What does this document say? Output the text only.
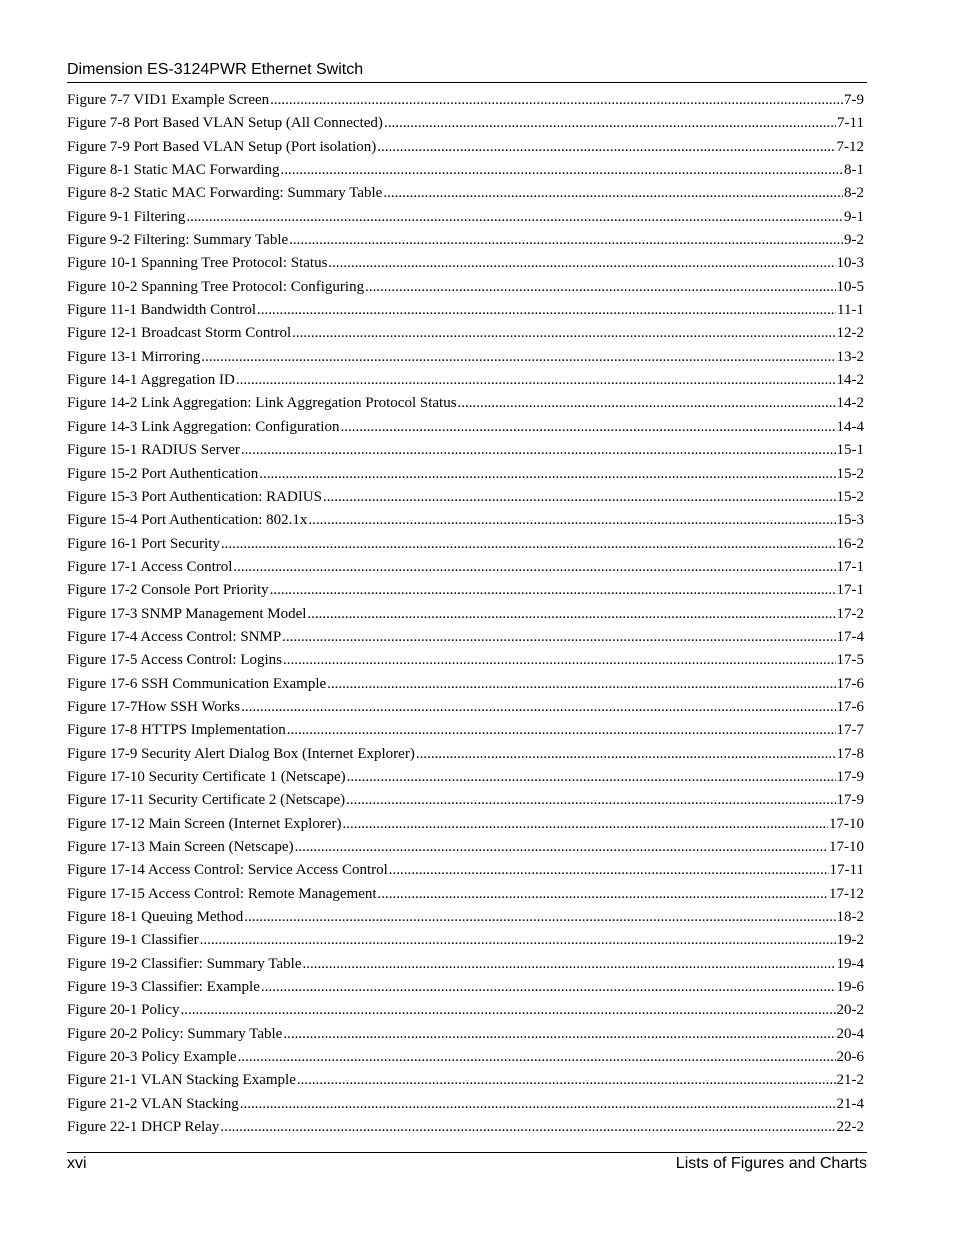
Dimension ES-3124PWR Ethernet Switch
Figure 7-7 VID1 Example Screen .....	7-9
Figure 7-8 Port Based VLAN Setup (All Connected) .....	7-11
Figure 7-9 Port Based VLAN Setup (Port isolation) .....	7-12
Figure 8-1 Static MAC Forwarding .....	8-1
Figure 8-2 Static MAC Forwarding: Summary Table .....	8-2
Figure 9-1 Filtering .....	9-1
Figure 9-2 Filtering: Summary Table .....	9-2
Figure 10-1 Spanning Tree Protocol: Status .....	10-3
Figure 10-2 Spanning Tree Protocol: Configuring .....	10-5
Figure 11-1 Bandwidth Control .....	11-1
Figure 12-1 Broadcast Storm Control .....	12-2
Figure 13-1 Mirroring .....	13-2
Figure 14-1 Aggregation ID .....	14-2
Figure 14-2 Link Aggregation: Link Aggregation Protocol Status .....	14-2
Figure 14-3 Link Aggregation: Configuration .....	14-4
Figure 15-1 RADIUS Server .....	15-1
Figure 15-2 Port Authentication .....	15-2
Figure 15-3 Port Authentication: RADIUS .....	15-2
Figure 15-4 Port Authentication: 802.1x .....	15-3
Figure 16-1 Port Security .....	16-2
Figure 17-1 Access Control .....	17-1
Figure 17-2 Console Port Priority .....	17-1
Figure 17-3 SNMP Management Model .....	17-2
Figure 17-4 Access Control: SNMP .....	17-4
Figure 17-5 Access Control: Logins .....	17-5
Figure 17-6 SSH Communication Example .....	17-6
Figure 17-7How SSH Works .....	17-6
Figure 17-8 HTTPS Implementation .....	17-7
Figure 17-9 Security Alert Dialog Box (Internet Explorer) .....	17-8
Figure 17-10 Security Certificate 1 (Netscape) .....	17-9
Figure 17-11 Security Certificate 2 (Netscape) .....	17-9
Figure 17-12 Main Screen (Internet Explorer) .....	17-10
Figure 17-13 Main Screen (Netscape) .....	17-10
Figure 17-14 Access Control: Service Access Control .....	17-11
Figure 17-15 Access Control: Remote Management .....	17-12
Figure 18-1 Queuing Method .....	18-2
Figure 19-1 Classifier .....	19-2
Figure 19-2 Classifier: Summary Table .....	19-4
Figure 19-3 Classifier: Example .....	19-6
Figure 20-1 Policy .....	20-2
Figure 20-2 Policy: Summary Table .....	20-4
Figure 20-3 Policy Example .....	20-6
Figure 21-1 VLAN Stacking Example .....	21-2
Figure 21-2 VLAN Stacking .....	21-4
Figure 22-1 DHCP Relay .....	22-2
xvi	Lists of Figures and Charts
